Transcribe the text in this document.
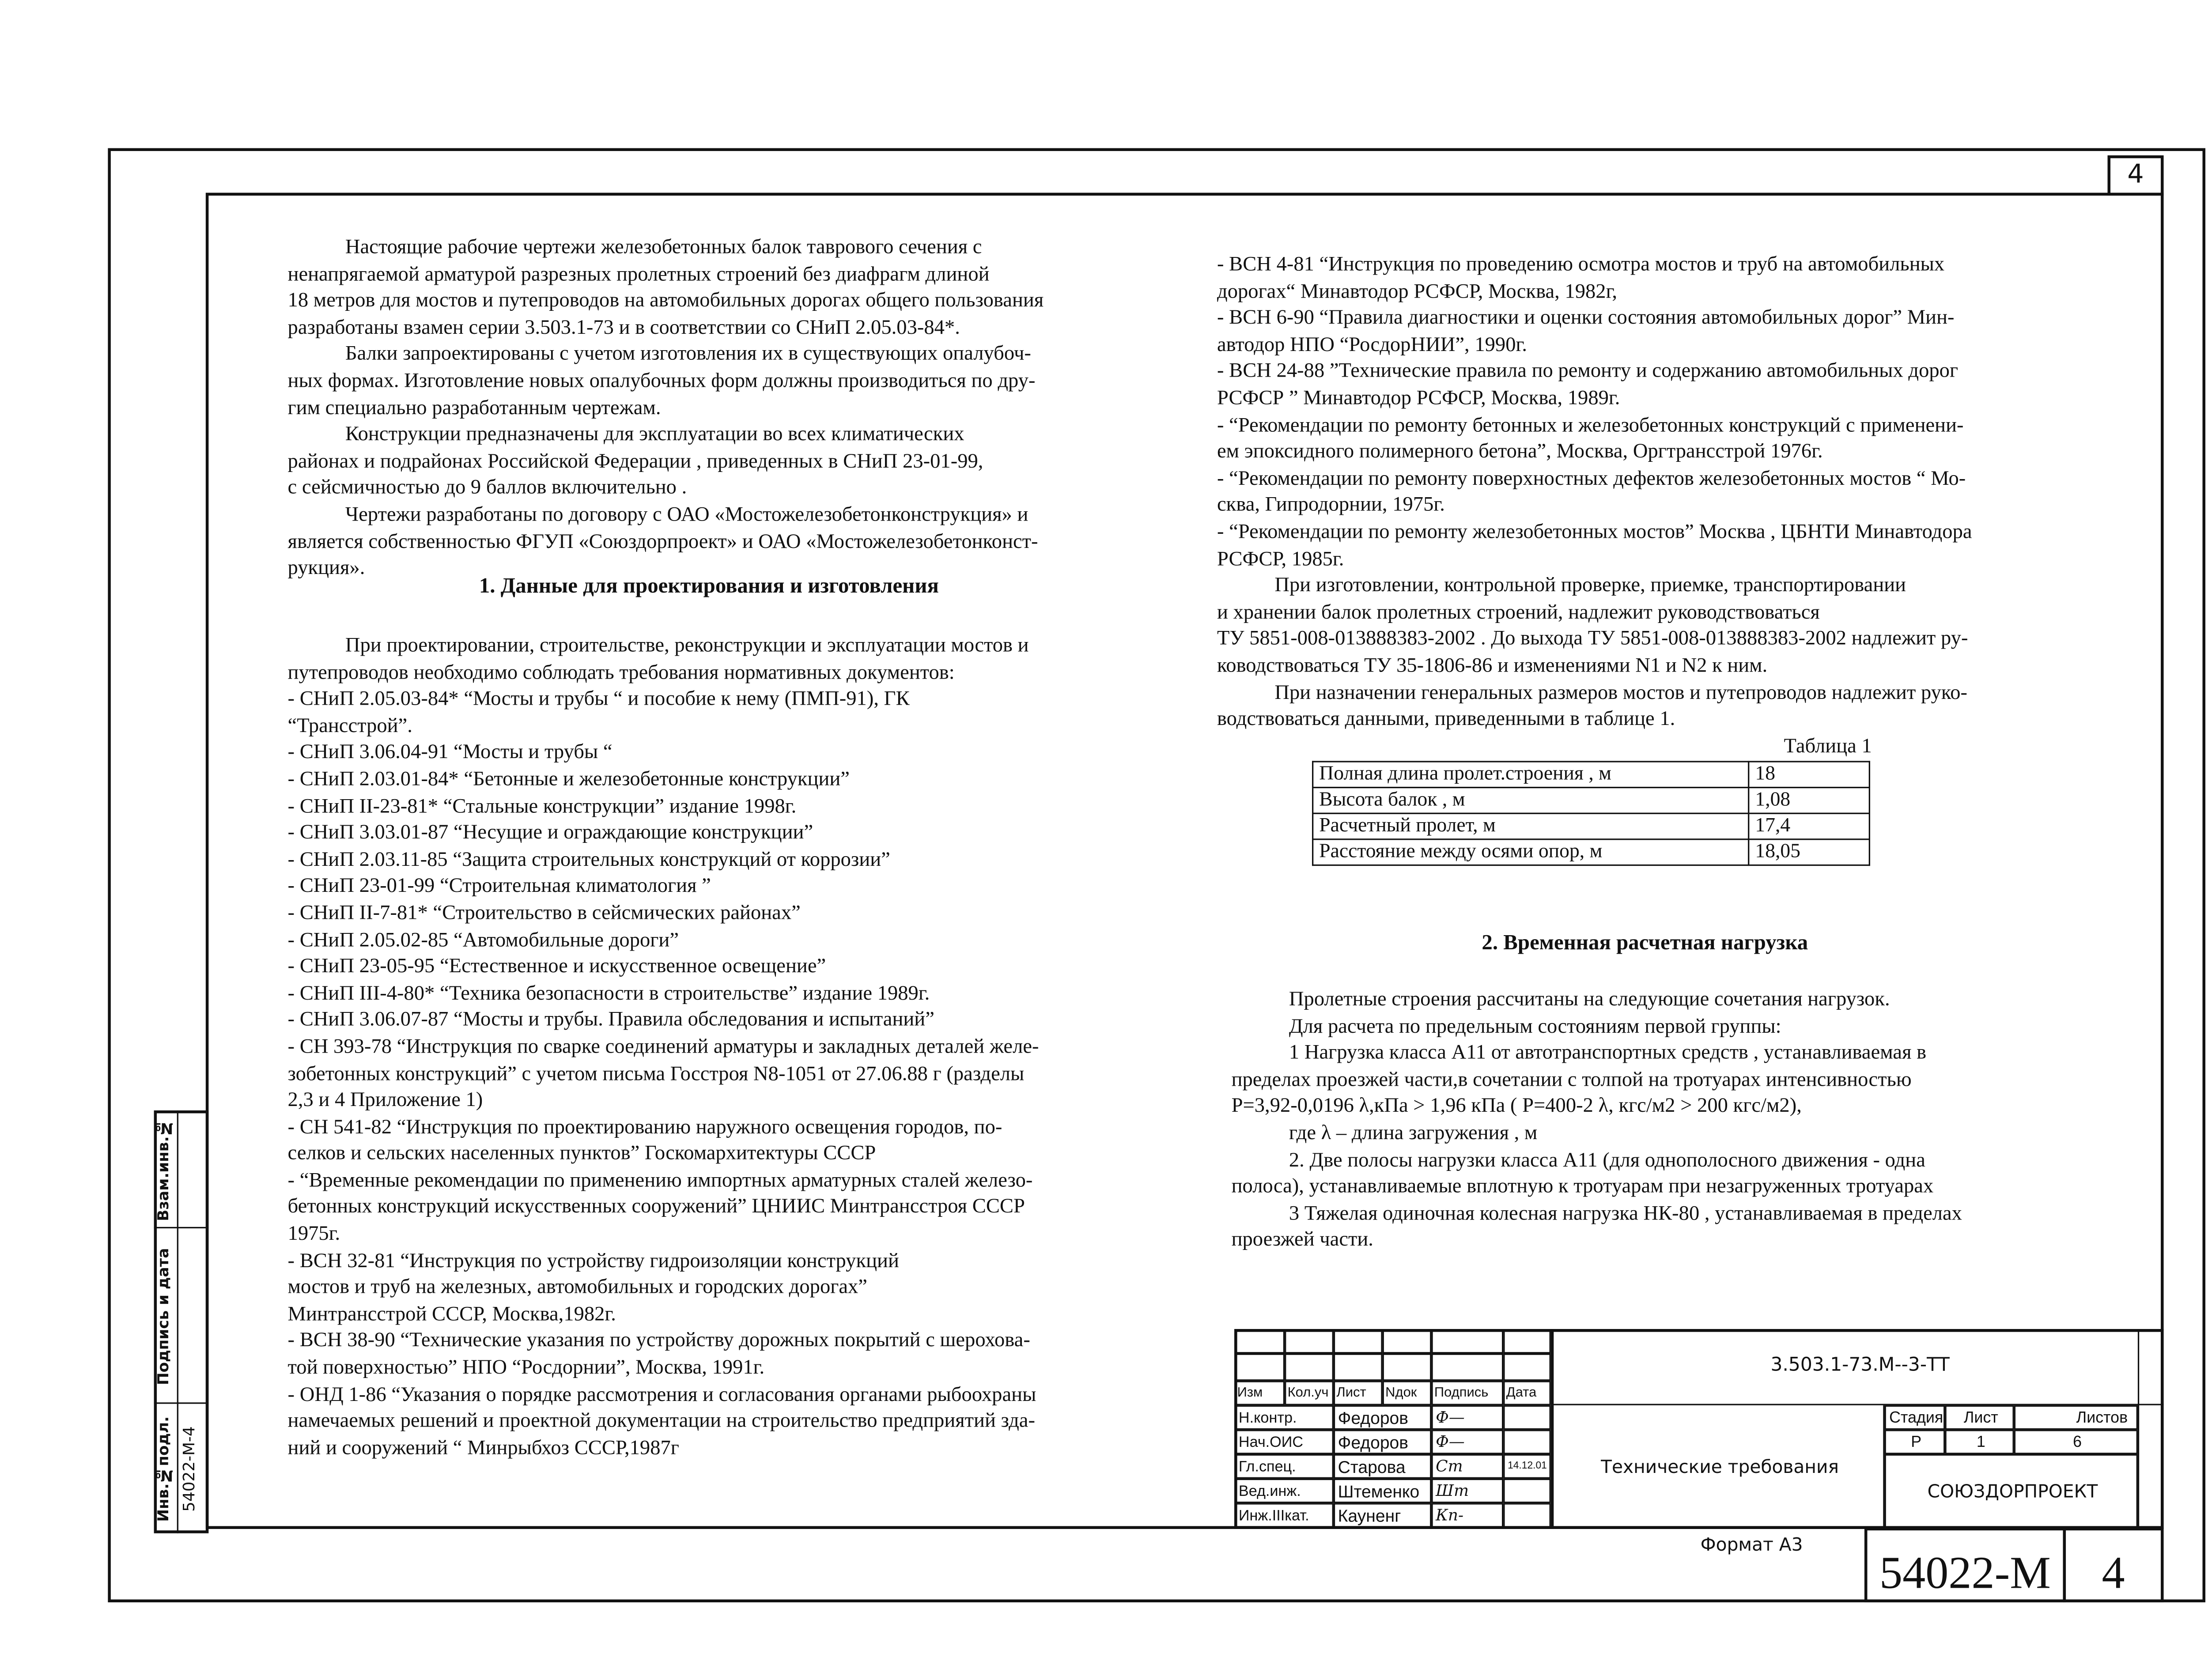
4
Настоящие рабочие чертежи железобетонных балок таврового сечения с
ненапрягаемой арматурой разрезных пролетных строений без диафрагм длиной
18 метров для мостов и путепроводов на автомобильных дорогах общего пользования
разработаны взамен серии 3.503.1-73 и в соответствии со СНиП 2.05.03-84*.
Балки запроектированы с учетом изготовления их в существующих опалубоч-
ных формах. Изготовление новых опалубочных форм должны производиться по дру-
гим специально разработанным чертежам.
Конструкции предназначены для эксплуатации во всех климатических
районах и подрайонах Российской Федерации , приведенных в СНиП 23-01-99,
с сейсмичностью до 9 баллов включительно .
Чертежи разработаны по договору с ОАО «Мостожелезобетонконструкция» и
является собственностью ФГУП «Союздорпроект» и ОАО «Мостожелезобетонконст-
рукция».
1. Данные для проектирования и изготовления
При проектировании, строительстве, реконструкции и эксплуатации мостов и
путепроводов необходимо соблюдать требования нормативных документов:
- СНиП 2.05.03-84* “Мосты и трубы “ и пособие к нему (ПМП-91), ГК
“Трансстрой”.
- СНиП 3.06.04-91 “Мосты и трубы “
- СНиП 2.03.01-84* “Бетонные и железобетонные конструкции”
- СНиП II-23-81* “Стальные конструкции” издание 1998г.
- СНиП 3.03.01-87 “Несущие и ограждающие конструкции”
- СНиП 2.03.11-85 “Защита строительных конструкций от коррозии”
- СНиП 23-01-99 “Строительная климатология ”
- СНиП II-7-81* “Строительство в сейсмических районах”
- СНиП 2.05.02-85 “Автомобильные дороги”
- СНиП 23-05-95 “Естественное и искусственное освещение”
- СНиП III-4-80* “Техника безопасности в строительстве” издание 1989г.
- СНиП 3.06.07-87 “Мосты и трубы. Правила обследования и испытаний”
- СН 393-78 “Инструкция по сварке соединений арматуры и закладных деталей желе-
зобетонных конструкций” с учетом письма Госстроя N8-1051 от 27.06.88 г (разделы
2,3 и 4 Приложение 1)
- СН 541-82 “Инструкция по проектированию наружного освещения городов, по-
селков и сельских населенных пунктов” Госкомархитектуры СССР
- “Временные рекомендации по применению импортных арматурных сталей железо-
бетонных конструкций искусственных сооружений” ЦНИИС Минтрансстроя СССР
1975г.
- ВСН 32-81 “Инструкция по устройству гидроизоляции конструкций
мостов и труб на железных, автомобильных и городских дорогах”
Минтрансстрой СССР, Москва,1982г.
- ВСН 38-90 “Технические указания по устройству дорожных покрытий с шерохова-
той поверхностью” НПО “Росдорнии”, Москва, 1991г.
- ОНД 1-86 “Указания о порядке рассмотрения и согласования органами рыбоохраны
намечаемых решений и проектной документации на строительство предприятий зда-
ний и сооружений “ Минрыбхоз СССР,1987г
- ВСН 4-81 “Инструкция по проведению осмотра мостов и труб на автомобильных
дорогах“ Минавтодор РСФСР, Москва, 1982г,
- ВСН 6-90 “Правила диагностики и оценки состояния автомобильных дорог” Мин-
автодор НПО “РосдорНИИ”, 1990г.
- ВСН 24-88 ”Технические правила по ремонту и содержанию автомобильных дорог
РСФСР ” Минавтодор РСФСР, Москва, 1989г.
- “Рекомендации по ремонту бетонных и железобетонных конструкций с применени-
ем эпоксидного полимерного бетона”, Москва, Оргтрансстрой 1976г.
- “Рекомендации по ремонту поверхностных дефектов железобетонных мостов “ Мо-
сква, Гипродорнии, 1975г.
- “Рекомендации по ремонту железобетонных мостов” Москва , ЦБНТИ Минавтодора
РСФСР, 1985г.
При изготовлении, контрольной проверке, приемке, транспортировании
и хранении балок пролетных строений, надлежит руководствоваться
ТУ 5851-008-013888383-2002 . До выхода ТУ 5851-008-013888383-2002 надлежит ру-
ководствоваться ТУ 35-1806-86 и изменениями N1 и N2 к ним.
При назначении генеральных размеров мостов и путепроводов надлежит руко-
водствоваться данными, приведенными в таблице 1.
Таблица 1
Полная длина пролет.строения , м	18
Высота балок , м	1,08
Расчетный пролет, м	17,4
Расстояние между осями опор, м	18,05
2. Временная расчетная нагрузка
Пролетные строения рассчитаны на следующие сочетания нагрузок.
Для расчета по предельным состояниям первой группы:
1 Нагрузка класса А11 от автотранспортных средств , устанавливаемая в
пределах проезжей части,в сочетании с толпой на тротуарах интенсивностью
P=3,92-0,0196 λ,кПа > 1,96 кПа ( P=400-2 λ, кгс/м2 > 200 кгс/м2),
где λ – длина загружения , м
2. Две полосы нагрузки класса А11 (для однополосного движения - одна
полоса), устанавливаемые вплотную к тротуарам при незагруженных тротуарах
3 Тяжелая одиночная колесная нагрузка НК-80 , устанавливаемая в пределах
проезжей части.
3.503.1-73.М--3-ТТ
Технические требования
Стадия	Лист	Листов
Р	1	6
СОЮЗДОРПРОЕКТ
Изм	Кол.уч	Лист	Nдок	Подпись	Дата
Н.контр.	Федоров	Ф—
Нач.ОИС	Федоров	Ф—
Гл.спец.	Старова	Ст	14.12.01
Вед.инж.	Штеменко	Шт
Инж.IIIкат.	Кауненг	Кп-
Формат А3
54022-М	4
Взам.инв.№
Подпись и дата
Инв.№подл.	54022-М-4
